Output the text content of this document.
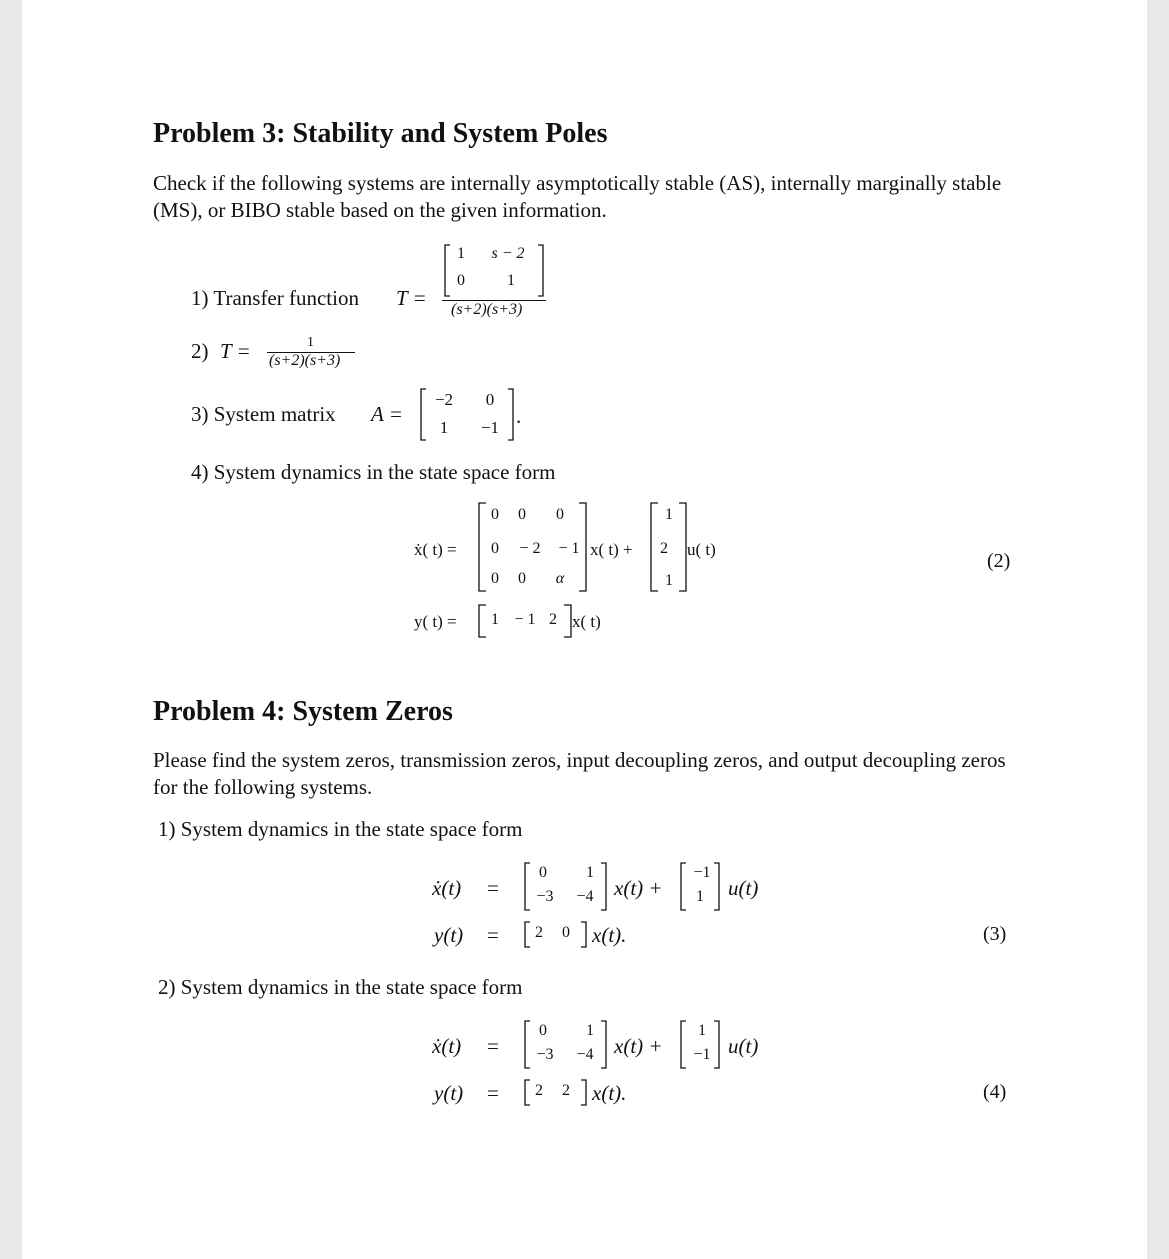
Problem 3: Stability and System Poles
Check if the following systems are internally asymptotically stable (AS), internally marginally stable (MS), or BIBO stable based on the given information.
1) Transfer function T =
1	s − 2
0	1
(s+2)(s+3)
2) T =	1
(s+2)(s+3)
3) System matrix A =
−2	0
1	−1 .
4) System dynamics in the state space form
ẋ( t) =
0	0	0
0	− 2	− 1
0	0	α
x( t) +
1
2
1
u( t)
(2)
y( t) =	1 − 1 2 x( t)
Problem 4: System Zeros
Please find the system zeros, transmission zeros, input decoupling zeros, and output decoupling zeros for the following systems.
1) System dynamics in the state space form
ẋ(t) =
0	1
−3	−4 x(t) +
−1
1 u(t)
y(t) =	2	0	x(t).	(3)
2) System dynamics in the state space form
ẋ(t) =
0	1
−3	−4 x(t) +
1
−1 u(t)
y(t) =	2	2	x(t).	(4)
